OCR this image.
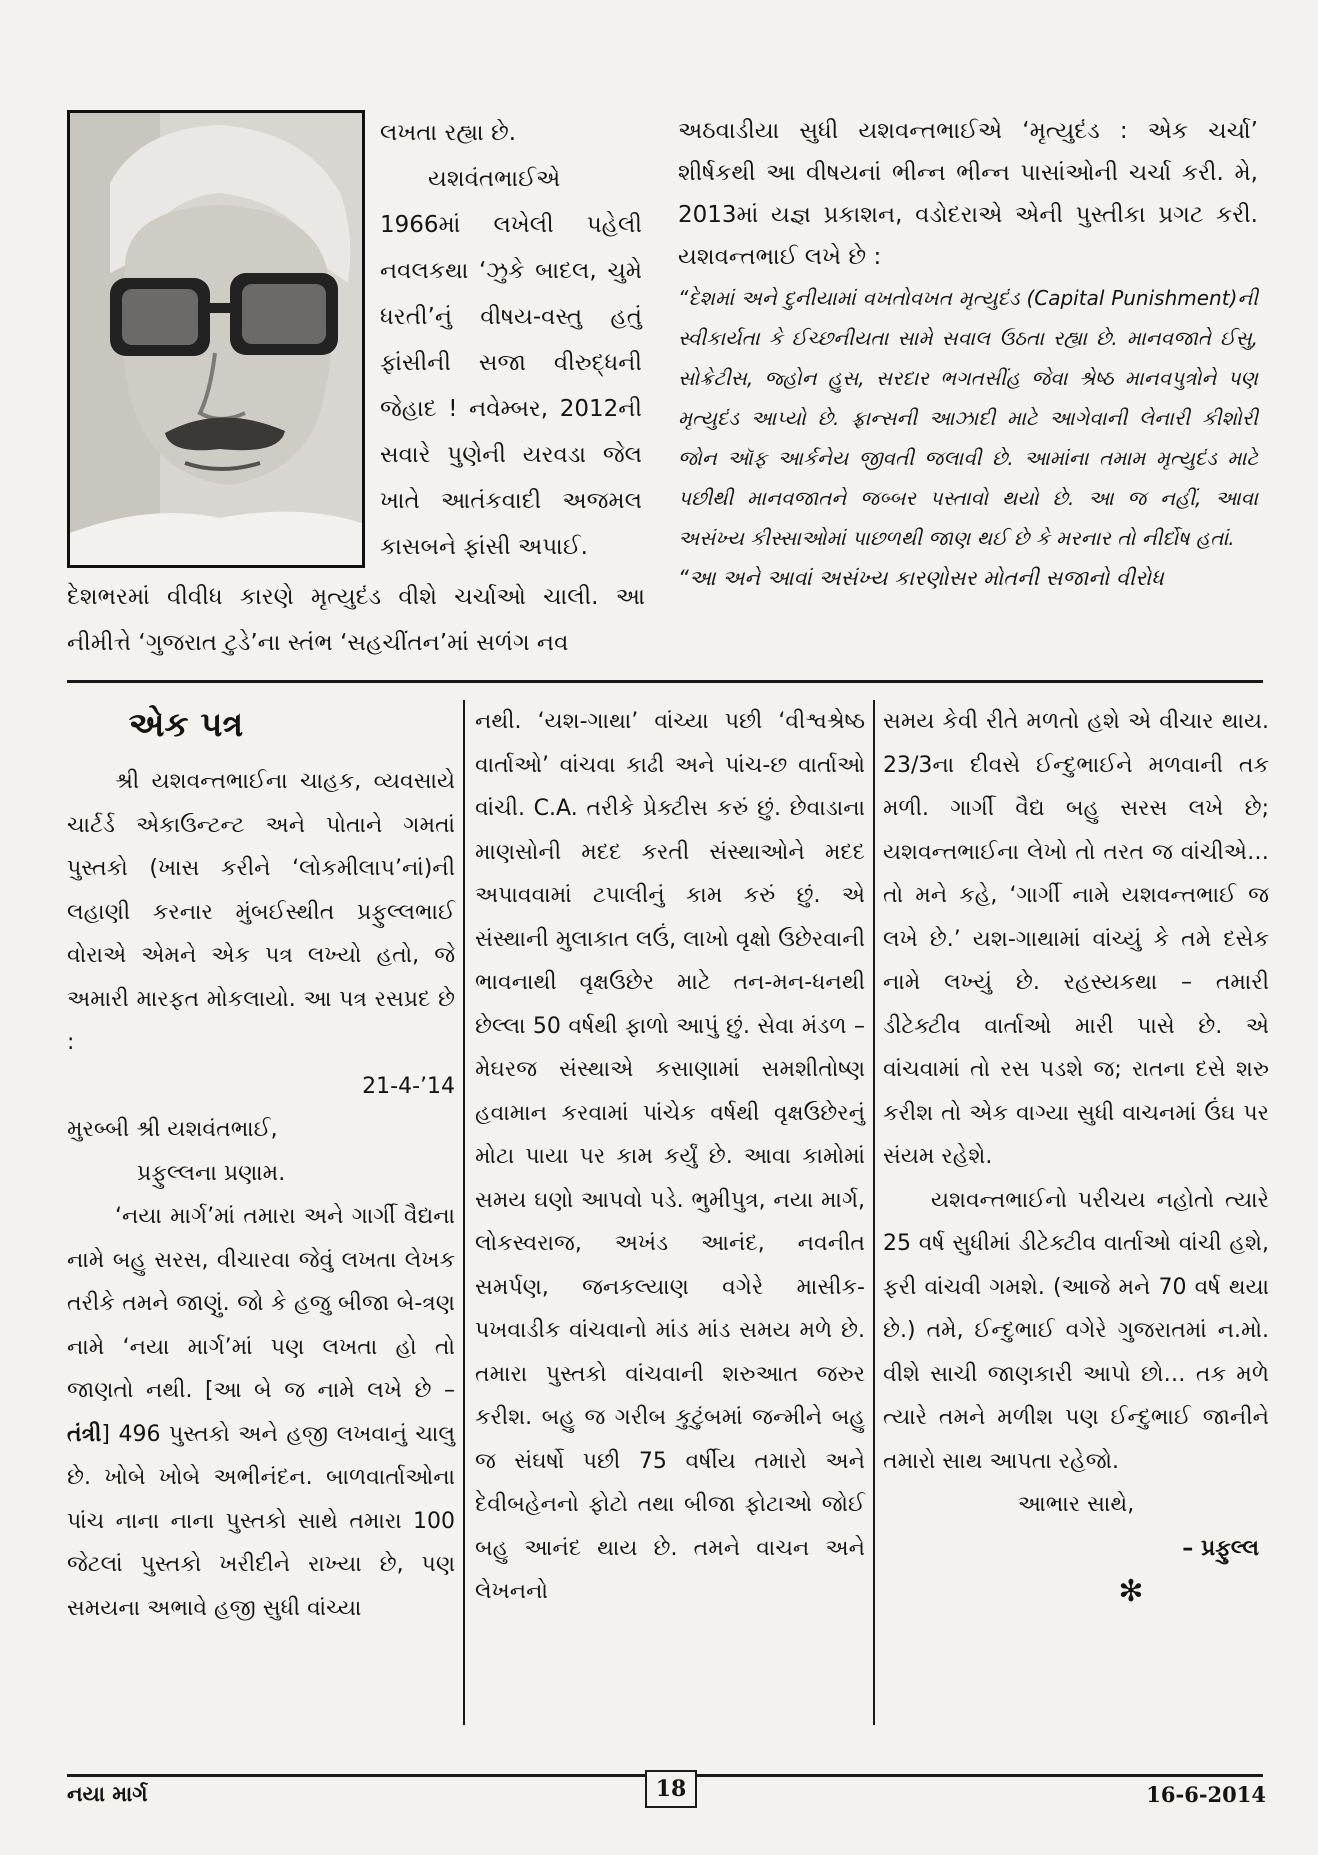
લખતા રહ્યા છે.

યશવંતભાઈએ 1966માં લખેલી પહેલી નવલકથા ‘ઝુકે બાદલ, ચુમે ધરતી’નું વીષય-વસ્તુ હતું ફાંસીની સજા વીરુદ્ધની જેહાદ ! નવેમ્બર, 2012ની સવારે પુણેની યરવડા જેલ ખાતે આતંકવાદી અજમલ કાસબને ફાંસી અપાઈ.

દેશભરમાં વીવીધ કારણે મૃત્યુદંડ વીશે ચર્ચાઓ ચાલી. આ નીમીત્તે ‘ગુજરાત ટુડે’ના સ્તંભ ‘સહચીંતન’માં સળંગ નવ

અઠવાડીયા સુધી યશવન્તભાઈએ ‘મૃત્યુદંડ : એક ચર્ચા’ શીર્ષકથી આ વીષયનાં ભીન્ન ભીન્ન પાસાંઓની ચર્ચા કરી. મે, 2013માં યજ્ઞ પ્રકાશન, વડોદરાએ એની પુસ્તીકા પ્રગટ કરી. યશવન્તભાઈ લખે છે :

“દેશમાં અને દુનીયામાં વખતોવખત મૃત્યુદંડ (Capital Punishment)ની સ્વીકાર્યતા કે ઈચ્છનીયતા સામે સવાલ ઉઠતા રહ્યા છે. માનવજાતે ઈસુ, સોક્રેટીસ, જ્હોન હુસ, સરદાર ભગતસીંહ જેવા શ્રેષ્ઠ માનવપુત્રોને પણ મૃત્યુદંડ આપ્યો છે. ફ્રાન્સની આઝાદી માટે આગેવાની લેનારી કીશોરી જોન ઑફ આર્કનેય જીવતી જલાવી છે. આમાંના તમામ મૃત્યુદંડ માટે પછીથી માનવજાતને જબ્બર પસ્તાવો થયો છે. આ જ નહીં, આવા અસંખ્ય કીસ્સાઓમાં પાછળથી જાણ થઈ છે કે મરનાર તો નીર્દોષ હતાં.

“આ અને આવાં અસંખ્ય કારણોસર મોતની સજાનો વીરોધ

એક પત્ર

શ્રી યશવન્તભાઈના ચાહક, વ્યવસાયે ચાર્ટર્ડ એકાઉન્ટન્ટ અને પોતાને ગમતાં પુસ્તકો (ખાસ કરીને ‘લોકમીલાપ’નાં)ની લહાણી કરનાર મુંબઈસ્થીત પ્રફુલ્લભાઈ વોરાએ એમને એક પત્ર લખ્યો હતો, જે અમારી મારફત મોકલાયો. આ પત્ર રસપ્રદ છે :

21-4-’14

મુરબ્બી શ્રી યશવંતભાઈ,

પ્રફુલ્લના પ્રણામ.

‘નયા માર્ગ’માં તમારા અને ગાર્ગી વૈદ્યના નામે બહુ સરસ, વીચારવા જેવું લખતા લેખક તરીકે તમને જાણું. જો કે હજુ બીજા બે-ત્રણ નામે ‘નયા માર્ગ’માં પણ લખતા હો તો જાણતો નથી. [આ બે જ નામે લખે છે – તંત્રી] 496 પુસ્તકો અને હજી લખવાનું ચાલુ છે. ખોબે ખોબે અભીનંદન. બાળવાર્તાઓના પાંચ નાના નાના પુસ્તકો સાથે તમારા 100 જેટલાં પુસ્તકો ખરીદીને રાખ્યા છે, પણ સમયના અભાવે હજી સુધી વાંચ્યા

નથી. ‘યશ-ગાથા’ વાંચ્યા પછી ‘વીશ્વશ્રેષ્ઠ વાર્તાઓ’ વાંચવા કાઢી અને પાંચ-છ વાર્તાઓ વાંચી. C.A. તરીકે પ્રેક્ટીસ કરું છું. છેવાડાના માણસોની મદદ કરતી સંસ્થાઓને મદદ અપાવવામાં ટપાલીનું કામ કરું છું. એ સંસ્થાની મુલાકાત લઉં, લાખો વૃક્ષો ઉછેરવાની ભાવનાથી વૃક્ષઉછેર માટે તન-મન-ધનથી છેલ્લા 50 વર્ષથી ફાળો આપું છું. સેવા મંડળ – મેઘરજ સંસ્થાએ કસાણામાં સમશીતોષ્ણ હવામાન કરવામાં પાંચેક વર્ષથી વૃક્ષઉછેરનું મોટા પાયા પર કામ કર્યું છે. આવા કામોમાં સમય ઘણો આપવો પડે. ભુમીપુત્ર, નયા માર્ગ, લોકસ્વરાજ, અખંડ આનંદ, નવનીત સમર્પણ, જનકલ્યાણ વગેરે માસીક-પખવાડીક વાંચવાનો માંડ માંડ સમય મળે છે. તમારા પુસ્તકો વાંચવાની શરુઆત જરુર કરીશ. બહુ જ ગરીબ કુટુંબમાં જન્મીને બહુ જ સંઘર્ષો પછી 75 વર્ષીય તમારો અને દેવીબહેનનો ફોટો તથા બીજા ફોટાઓ જોઈ બહુ આનંદ થાય છે. તમને વાચન અને લેખનનો

સમય કેવી રીતે મળતો હશે એ વીચાર થાય. 23/3ના દીવસે ઈન્દુભાઈને મળવાની તક મળી. ગાર્ગી વૈદ્ય બહુ સરસ લખે છે; યશવન્તભાઈના લેખો તો તરત જ વાંચીએ… તો મને કહે, ‘ગાર્ગી નામે યશવન્તભાઈ જ લખે છે.’ યશ-ગાથામાં વાંચ્યું કે તમે દસેક નામે લખ્યું છે. રહસ્યકથા – તમારી ડીટેક્ટીવ વાર્તાઓ મારી પાસે છે. એ વાંચવામાં તો રસ પડશે જ; રાતના દસે શરુ કરીશ તો એક વાગ્યા સુધી વાચનમાં ઉંઘ પર સંયમ રહેશે.

યશવન્તભાઈનો પરીચય નહોતો ત્યારે 25 વર્ષ સુધીમાં ડીટેક્ટીવ વાર્તાઓ વાંચી હશે, ફરી વાંચવી ગમશે. (આજે મને 70 વર્ષ થયા છે.) તમે, ઈન્દુભાઈ વગેરે ગુજરાતમાં ન.મો. વીશે સાચી જાણકારી આપો છો… તક મળે ત્યારે તમને મળીશ પણ ઈન્દુભાઈ જાનીને તમારો સાથ આપતા રહેજો.

આભાર સાથે,

– પ્રફુલ્લ

✻
નયા માર્ગ	18	16-6-2014
